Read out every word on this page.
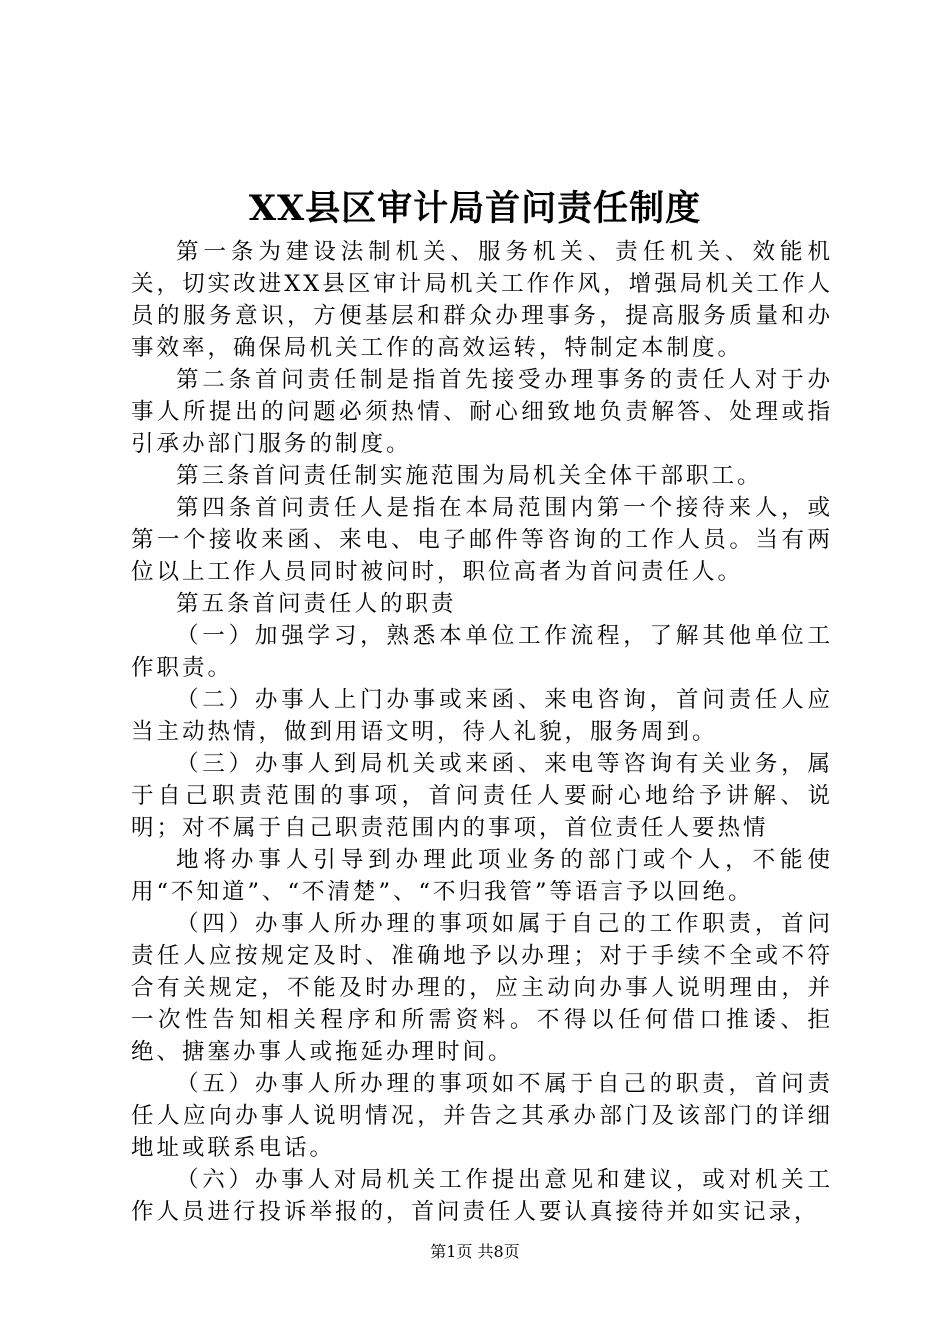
XX县区审计局首问责任制度

第一条为建设法制机关、服务机关、责任机关、效能机关，切实改进XX县区审计局机关工作作风，增强局机关工作人员的服务意识，方便基层和群众办理事务，提高服务质量和办事效率，确保局机关工作的高效运转，特制定本制度。

第二条首问责任制是指首先接受办理事务的责任人对于办事人所提出的问题必须热情、耐心细致地负责解答、处理或指引承办部门服务的制度。

第三条首问责任制实施范围为局机关全体干部职工。

第四条首问责任人是指在本局范围内第一个接待来人，或第一个接收来函、来电、电子邮件等咨询的工作人员。当有两位以上工作人员同时被问时，职位高者为首问责任人。

第五条首问责任人的职责

（一）加强学习，熟悉本单位工作流程，了解其他单位工作职责。

（二）办事人上门办事或来函、来电咨询，首问责任人应当主动热情，做到用语文明，待人礼貌，服务周到。

（三）办事人到局机关或来函、来电等咨询有关业务，属于自己职责范围的事项，首问责任人要耐心地给予讲解、说明；对不属于自己职责范围内的事项，首位责任人要热情

地将办事人引导到办理此项业务的部门或个人，不能使用“不知道”、“不清楚”、“不归我管”等语言予以回绝。

（四）办事人所办理的事项如属于自己的工作职责，首问责任人应按规定及时、准确地予以办理；对于手续不全或不符合有关规定，不能及时办理的，应主动向办事人说明理由，并一次性告知相关程序和所需资料。不得以任何借口推诿、拒绝、搪塞办事人或拖延办理时间。

（五）办事人所办理的事项如不属于自己的职责，首问责任人应向办事人说明情况，并告之其承办部门及该部门的详细地址或联系电话。

（六）办事人对局机关工作提出意见和建议，或对机关工作人员进行投诉举报的，首问责任人要认真接待并如实记录，

第1页 共8页
